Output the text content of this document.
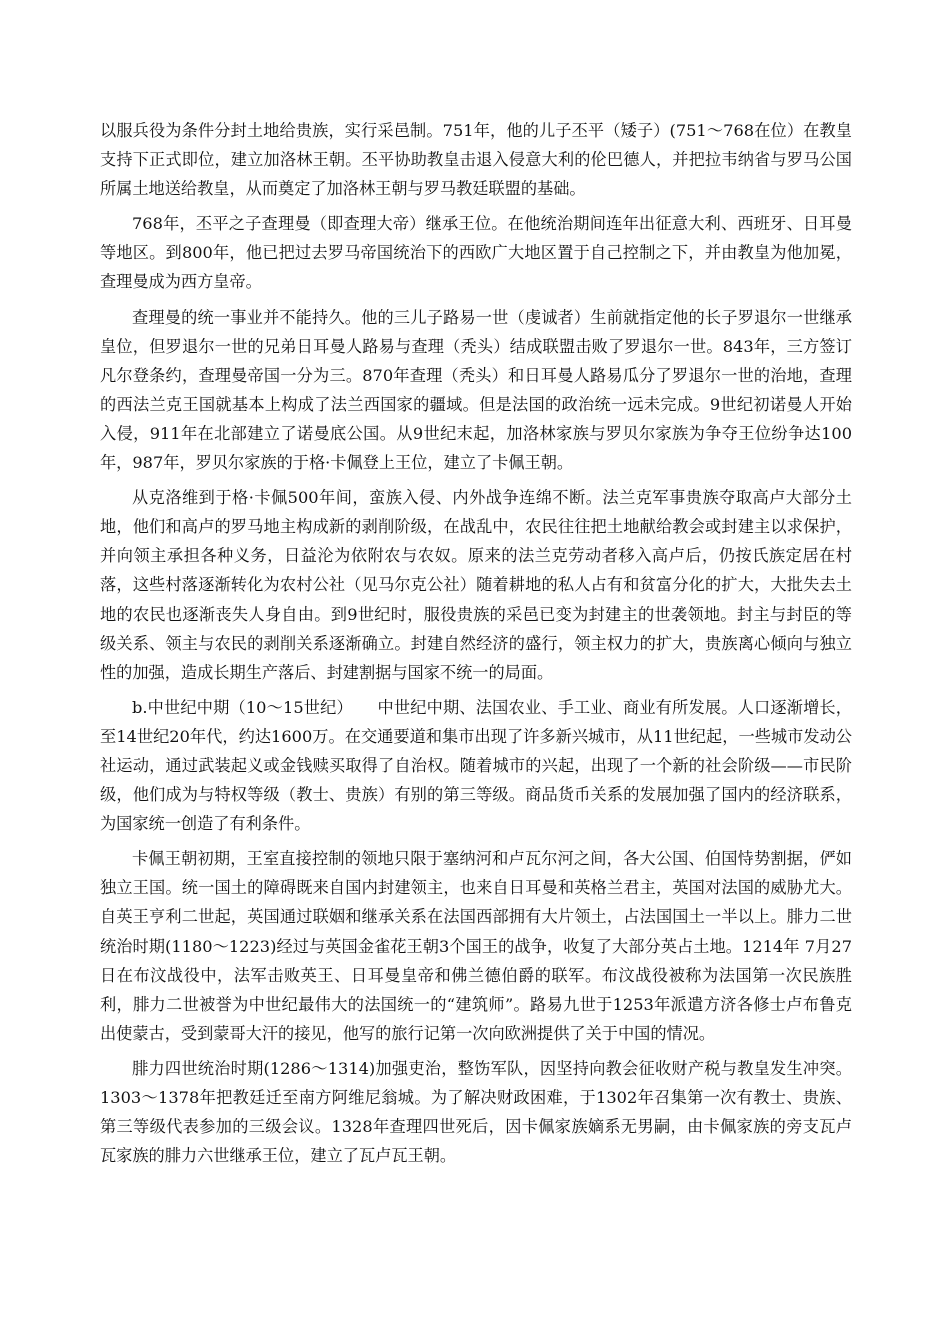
以服兵役为条件分封土地给贵族，实行采邑制。751年，他的儿子丕平（矮子）(751～768在位）在教皇支持下正式即位，建立加洛林王朝。丕平协助教皇击退入侵意大利的伦巴德人，并把拉韦纳省与罗马公国所属土地送给教皇，从而奠定了加洛林王朝与罗马教廷联盟的基础。

768年，丕平之子查理曼（即查理大帝）继承王位。在他统治期间连年出征意大利、西班牙、日耳曼等地区。到800年，他已把过去罗马帝国统治下的西欧广大地区置于自己控制之下，并由教皇为他加冕，查理曼成为西方皇帝。

查理曼的统一事业并不能持久。他的三儿子路易一世（虔诚者）生前就指定他的长子罗退尔一世继承皇位，但罗退尔一世的兄弟日耳曼人路易与查理（秃头）结成联盟击败了罗退尔一世。843年，三方签订凡尔登条约，查理曼帝国一分为三。870年查理（秃头）和日耳曼人路易瓜分了罗退尔一世的治地，查理的西法兰克王国就基本上构成了法兰西国家的疆域。但是法国的政治统一远未完成。9世纪初诺曼人开始入侵，911年在北部建立了诺曼底公国。从9世纪末起，加洛林家族与罗贝尔家族为争夺王位纷争达100年，987年，罗贝尔家族的于格·卡佩登上王位，建立了卡佩王朝。

从克洛维到于格·卡佩500年间，蛮族入侵、内外战争连绵不断。法兰克军事贵族夺取高卢大部分土地，他们和高卢的罗马地主构成新的剥削阶级，在战乱中，农民往往把土地献给教会或封建主以求保护，并向领主承担各种义务，日益沦为依附农与农奴。原来的法兰克劳动者移入高卢后，仍按氏族定居在村落，这些村落逐渐转化为农村公社（见马尔克公社）随着耕地的私人占有和贫富分化的扩大，大批失去土地的农民也逐渐丧失人身自由。到9世纪时，服役贵族的采邑已变为封建主的世袭领地。封主与封臣的等级关系、领主与农民的剥削关系逐渐确立。封建自然经济的盛行，领主权力的扩大，贵族离心倾向与独立性的加强，造成长期生产落后、封建割据与国家不统一的局面。

b.中世纪中期（10～15世纪）　　中世纪中期、法国农业、手工业、商业有所发展。人口逐渐增长，至14世纪20年代，约达1600万。在交通要道和集市出现了许多新兴城市，从11世纪起，一些城市发动公社运动，通过武装起义或金钱赎买取得了自治权。随着城市的兴起，出现了一个新的社会阶级——市民阶级，他们成为与特权等级（教士、贵族）有别的第三等级。商品货币关系的发展加强了国内的经济联系，为国家统一创造了有利条件。

卡佩王朝初期，王室直接控制的领地只限于塞纳河和卢瓦尔河之间，各大公国、伯国恃势割据，俨如独立王国。统一国土的障碍既来自国内封建领主，也来自日耳曼和英格兰君主，英国对法国的威胁尤大。自英王亨利二世起，英国通过联姻和继承关系在法国西部拥有大片领土，占法国国土一半以上。腓力二世统治时期(1180～1223)经过与英国金雀花王朝3个国王的战争，收复了大部分英占土地。1214年 7月27日在布汶战役中，法军击败英王、日耳曼皇帝和佛兰德伯爵的联军。布汶战役被称为法国第一次民族胜利，腓力二世被誉为中世纪最伟大的法国统一的“建筑师”。路易九世于1253年派遣方济各修士卢布鲁克出使蒙古，受到蒙哥大汗的接见，他写的旅行记第一次向欧洲提供了关于中国的情况。

腓力四世统治时期(1286～1314)加强吏治，整饬军队，因坚持向教会征收财产税与教皇发生冲突。1303～1378年把教廷迁至南方阿维尼翁城。为了解决财政困难，于1302年召集第一次有教士、贵族、第三等级代表参加的三级会议。1328年查理四世死后，因卡佩家族嫡系无男嗣，由卡佩家族的旁支瓦卢瓦家族的腓力六世继承王位，建立了瓦卢瓦王朝。
